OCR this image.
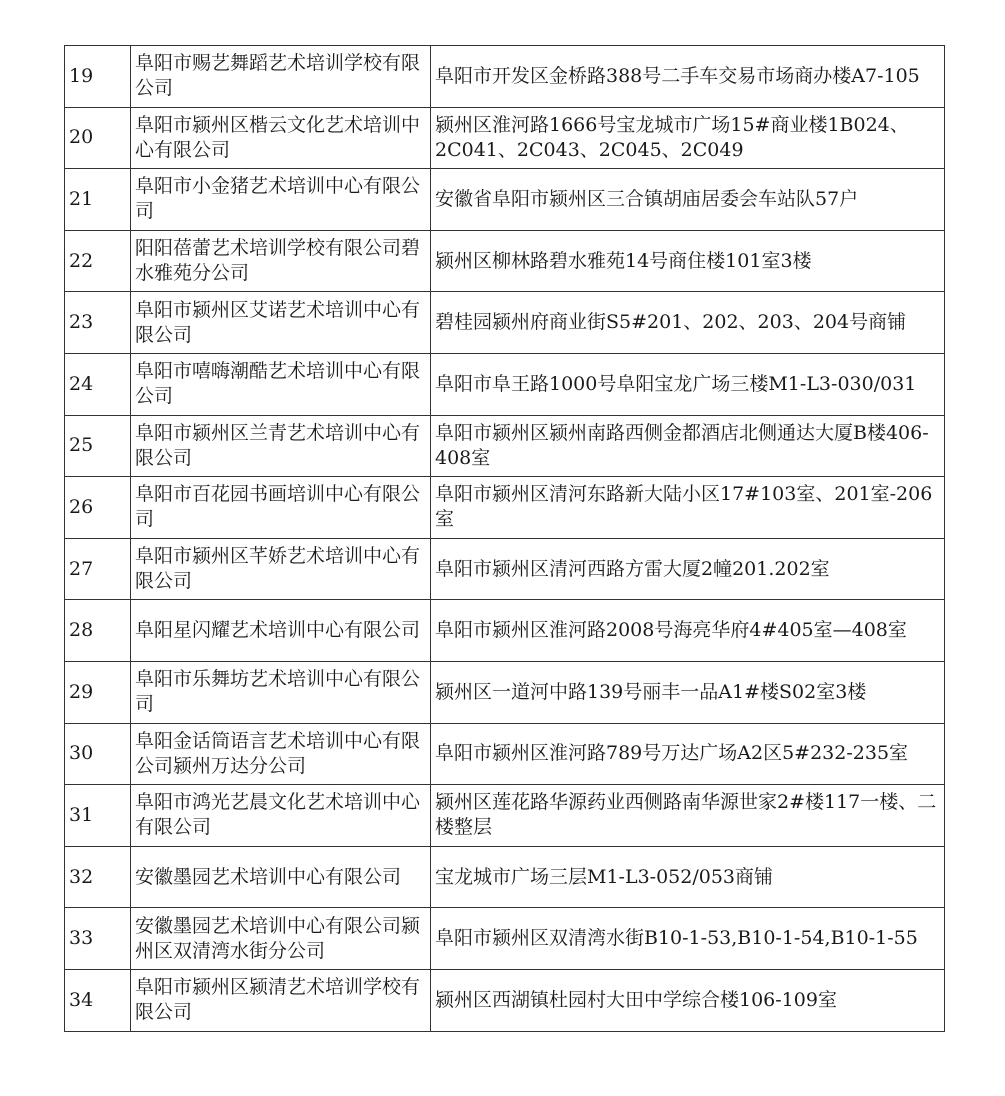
19	阜阳市赐艺舞蹈艺术培训学校有限公司	阜阳市开发区金桥路388号二手车交易市场商办楼A7-105
20	阜阳市颍州区楷云文化艺术培训中心有限公司	颍州区淮河路1666号宝龙城市广场15#商业楼1B024、2C041、2C043、2C045、2C049
21	阜阳市小金猪艺术培训中心有限公司	安徽省阜阳市颍州区三合镇胡庙居委会车站队57户
22	阳阳蓓蕾艺术培训学校有限公司碧水雅苑分公司	颍州区柳林路碧水雅苑14号商住楼101室3楼
23	阜阳市颍州区艾诺艺术培训中心有限公司	碧桂园颍州府商业街S5#201、202、203、204号商铺
24	阜阳市嘻嗨潮酷艺术培训中心有限公司	阜阳市阜王路1000号阜阳宝龙广场三楼M1-L3-030/031
25	阜阳市颍州区兰青艺术培训中心有限公司	阜阳市颍州区颍州南路西侧金都酒店北侧通达大厦B楼406-408室
26	阜阳市百花园书画培训中心有限公司	阜阳市颍州区清河东路新大陆小区17#103室、201室-206室
27	阜阳市颍州区芊娇艺术培训中心有限公司	阜阳市颍州区清河西路方雷大厦2幢201.202室
28	阜阳星闪耀艺术培训中心有限公司	阜阳市颍州区淮河路2008号海亮华府4#405室—408室
29	阜阳市乐舞坊艺术培训中心有限公司	颍州区一道河中路139号丽丰一品A1#楼S02室3楼
30	阜阳金话筒语言艺术培训中心有限公司颍州万达分公司	阜阳市颍州区淮河路789号万达广场A2区5#232-235室
31	阜阳市鸿光艺晨文化艺术培训中心有限公司	颍州区莲花路华源药业西侧路南华源世家2#楼117一楼、二楼整层
32	安徽墨园艺术培训中心有限公司	宝龙城市广场三层M1-L3-052/053商铺
33	安徽墨园艺术培训中心有限公司颍州区双清湾水街分公司	阜阳市颍州区双清湾水街B10-1-53,B10-1-54,B10-1-55
34	阜阳市颍州区颍清艺术培训学校有限公司	颍州区西湖镇杜园村大田中学综合楼106-109室
